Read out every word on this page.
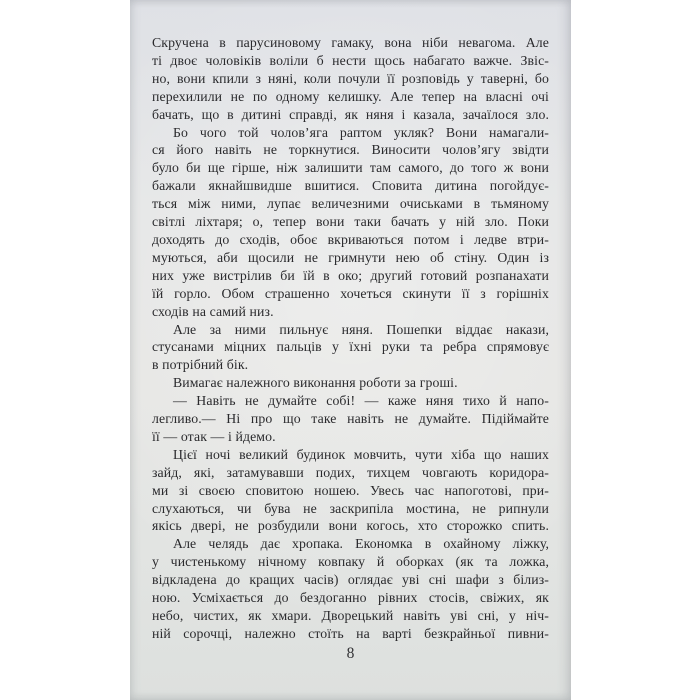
Скручена в парусиновому гамаку, вона ніби невагома. Але
ті двоє чоловіків воліли б нести щось набагато важче. Звіс-
но, вони кпили з няні, коли почули її розповідь у таверні, бо
перехилили не по одному келишку. Але тепер на власні очі
бачать, що в дитині справді, як няня і казала, зачаїлося зло.
Бо чого той чолов’яга раптом укляк? Вони намагали-
ся його навіть не торкнутися. Виносити чолов’ягу звідти
було би ще гірше, ніж залишити там самого, до того ж вони
бажали якнайшвидше вшитися. Сповита дитина погойдує-
ться між ними, лупає величезними очиськами в тьмяному
світлі ліхтаря; о, тепер вони таки бачать у ній зло. Поки
доходять до сходів, обоє вкриваються потом і ледве втри-
муються, аби щосили не гримнути нею об стіну. Один із
них уже вистрілив би їй в око; другий готовий розпанахати
їй горло. Обом страшенно хочеться скинути її з горішніх
сходів на самий низ.
Але за ними пильнує няня. Пошепки віддає накази,
стусанами міцних пальців у їхні руки та ребра спрямовує
в потрібний бік.
Вимагає належного виконання роботи за гроші.
— Навіть не думайте собі! — каже няня тихо й напо-
легливо.— Ні про що таке навіть не думайте. Підіймайте
її — отак — і йдемо.
Цієї ночі великий будинок мовчить, чути хіба що наших
зайд, які, затамувавши подих, тихцем човгають коридора-
ми зі своєю сповитою ношею. Увесь час напоготові, при-
слухаються, чи бува не заскрипіла мостина, не рипнули
якісь двері, не розбудили вони когось, хто сторожко спить.
Але челядь дає хропака. Економка в охайному ліжку,
у чистенькому нічному ковпаку й оборках (як та ложка,
відкладена до кращих часів) оглядає уві сні шафи з білиз-
ною. Усміхається до бездоганно рівних стосів, свіжих, як
небо, чистих, як хмари. Дворецький навіть уві сні, у ніч-
ній сорочці, належно стоїть на варті безкрайньої пивни-
8
